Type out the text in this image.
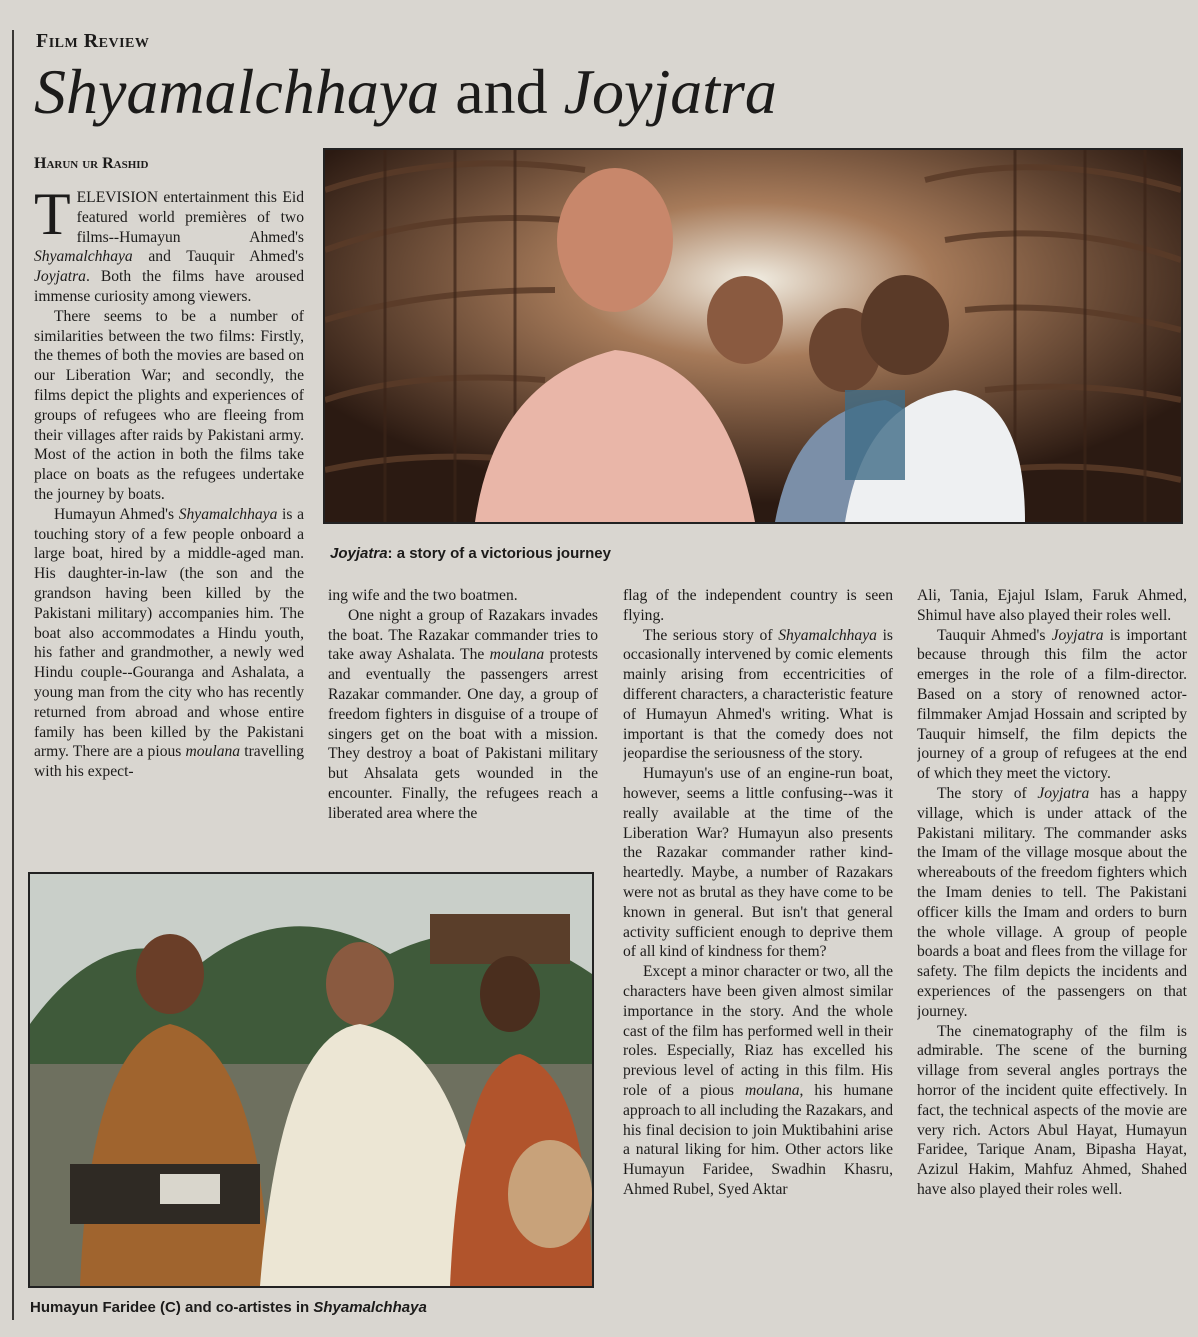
Film Review
Shyamalchhaya and Joyjatra
Harun ur Rashid

TELEVISION entertainment this Eid featured world premières of two films--Humayun Ahmed's Shyamalchhaya and Tauquir Ahmed's Joyjatra. Both the films have aroused immense curiosity among viewers.

There seems to be a number of similarities between the two films: Firstly, the themes of both the movies are based on our Liberation War; and secondly, the films depict the plights and experiences of groups of refugees who are fleeing from their villages after raids by Pakistani army. Most of the action in both the films take place on boats as the refugees undertake the journey by boats.

Humayun Ahmed's Shyamalchhaya is a touching story of a few people onboard a large boat, hired by a middle-aged man. His daughter-in-law (the son and the grandson having been killed by the Pakistani military) accompanies him. The boat also accommodates a Hindu youth, his father and grandmother, a newly wed Hindu couple--Gouranga and Ashalata, a young man from the city who has recently returned from abroad and whose entire family has been killed by the Pakistani army. There are a pious moulana travelling with his expect-

Joyjatra: a story of a victorious journey

ing wife and the two boatmen.

One night a group of Razakars invades the boat. The Razakar commander tries to take away Ashalata. The moulana protests and eventually the passengers arrest Razakar commander. One day, a group of freedom fighters in disguise of a troupe of singers get on the boat with a mission. They destroy a boat of Pakistani military but Ahsalata gets wounded in the encounter. Finally, the refugees reach a liberated area where the

Humayun Faridee (C) and co-artistes in Shyamalchhaya

flag of the independent country is seen flying.

The serious story of Shyamalchhaya is occasionally intervened by comic elements mainly arising from eccentricities of different characters, a characteristic feature of Humayun Ahmed's writing. What is important is that the comedy does not jeopardise the seriousness of the story.

Humayun's use of an engine-run boat, however, seems a little confusing--was it really available at the time of the Liberation War? Humayun also presents the Razakar commander rather kind-heartedly. Maybe, a number of Razakars were not as brutal as they have come to be known in general. But isn't that general activity sufficient enough to deprive them of all kind of kindness for them?

Except a minor character or two, all the characters have been given almost similar importance in the story. And the whole cast of the film has performed well in their roles. Especially, Riaz has excelled his previous level of acting in this film. His role of a pious moulana, his humane approach to all including the Razakars, and his final decision to join Muktibahini arise a natural liking for him. Other actors like Humayun Faridee, Swadhin Khasru, Ahmed Rubel, Syed Aktar

Ali, Tania, Ejajul Islam, Faruk Ahmed, Shimul have also played their roles well.

Tauquir Ahmed's Joyjatra is important because through this film the actor emerges in the role of a film-director. Based on a story of renowned actor-filmmaker Amjad Hossain and scripted by Tauquir himself, the film depicts the journey of a group of refugees at the end of which they meet the victory.

The story of Joyjatra has a happy village, which is under attack of the Pakistani military. The commander asks the Imam of the village mosque about the whereabouts of the freedom fighters which the Imam denies to tell. The Pakistani officer kills the Imam and orders to burn the whole village. A group of people boards a boat and flees from the village for safety. The film depicts the incidents and experiences of the passengers on that journey.

The cinematography of the film is admirable. The scene of the burning village from several angles portrays the horror of the incident quite effectively. In fact, the technical aspects of the movie are very rich. Actors Abul Hayat, Humayun Faridee, Tarique Anam, Bipasha Hayat, Azizul Hakim, Mahfuz Ahmed, Shahed have also played their roles well.
